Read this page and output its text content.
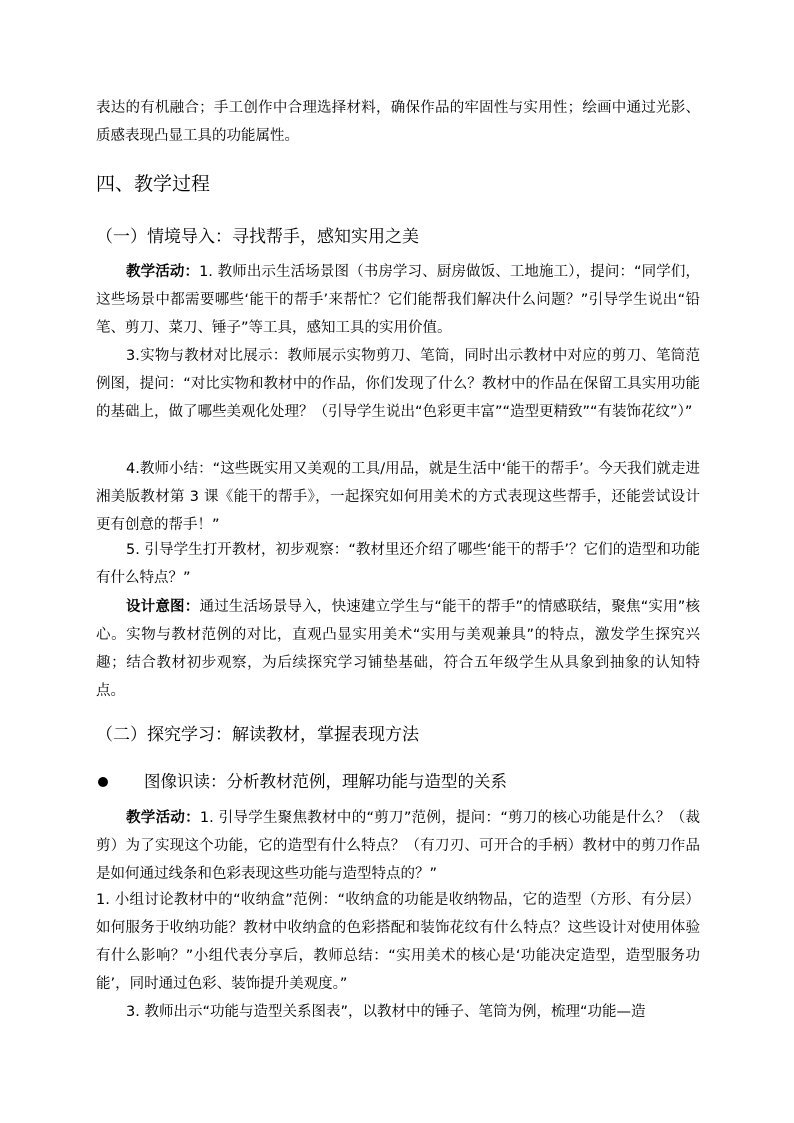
表达的有机融合；手工创作中合理选择材料，确保作品的牢固性与实用性；绘画中通过光影、质感表现凸显工具的功能属性。

四、教学过程

（一）情境导入：寻找帮手，感知实用之美

教学活动：1. 教师出示生活场景图（书房学习、厨房做饭、工地施工），提问：“同学们，这些场景中都需要哪些‘能干的帮手’来帮忙？它们能帮我们解决什么问题？”引导学生说出“铅笔、剪刀、菜刀、锤子”等工具，感知工具的实用价值。

3.实物与教材对比展示：教师展示实物剪刀、笔筒，同时出示教材中对应的剪刀、笔筒范例图，提问：“对比实物和教材中的作品，你们发现了什么？教材中的作品在保留工具实用功能的基础上，做了哪些美观化处理？（引导学生说出“色彩更丰富”“造型更精致”“有装饰花纹”）”

4.教师小结：“这些既实用又美观的工具/用品，就是生活中‘能干的帮手’。今天我们就走进湘美版教材第 3 课《能干的帮手》，一起探究如何用美术的方式表现这些帮手，还能尝试设计更有创意的帮手！”

5. 引导学生打开教材，初步观察：“教材里还介绍了哪些‘能干的帮手’？它们的造型和功能有什么特点？”

设计意图：通过生活场景导入，快速建立学生与“能干的帮手”的情感联结，聚焦“实用”核心。实物与教材范例的对比，直观凸显实用美术“实用与美观兼具”的特点，激发学生探究兴趣；结合教材初步观察，为后续探究学习铺垫基础，符合五年级学生从具象到抽象的认知特点。

（二）探究学习：解读教材，掌握表现方法

图像识读：分析教材范例，理解功能与造型的关系

教学活动：1. 引导学生聚焦教材中的“剪刀”范例，提问：“剪刀的核心功能是什么？（裁剪）为了实现这个功能，它的造型有什么特点？（有刀刃、可开合的手柄）教材中的剪刀作品是如何通过线条和色彩表现这些功能与造型特点的？”

1. 小组讨论教材中的“收纳盒”范例：“收纳盒的功能是收纳物品，它的造型（方形、有分层）如何服务于收纳功能？教材中收纳盒的色彩搭配和装饰花纹有什么特点？这些设计对使用体验有什么影响？”小组代表分享后，教师总结：“实用美术的核心是‘功能决定造型，造型服务功能’，同时通过色彩、装饰提升美观度。”

3. 教师出示“功能与造型关系图表”，以教材中的锤子、笔筒为例，梳理“功能—造
